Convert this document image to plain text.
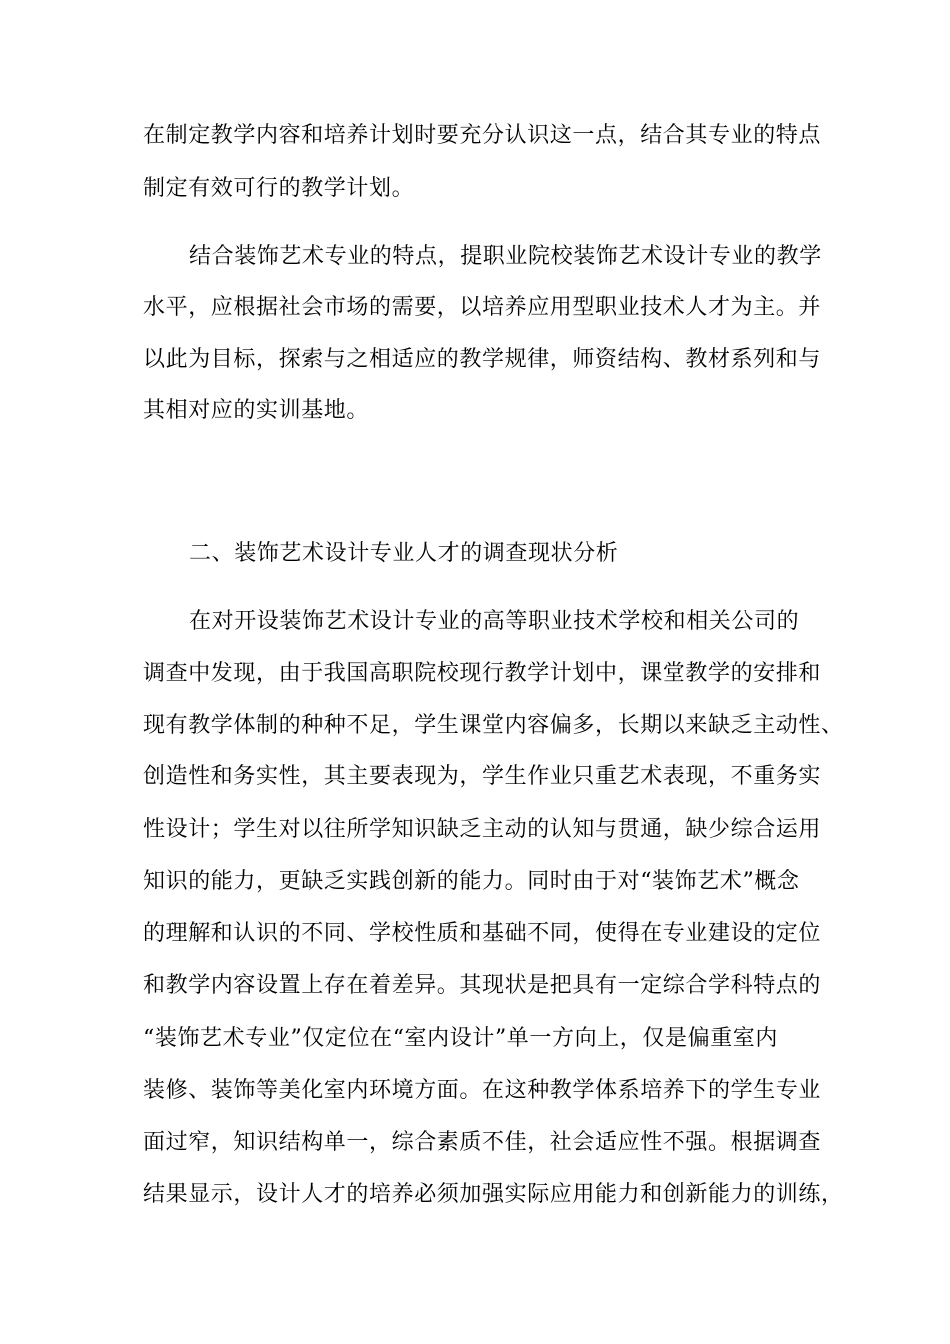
在制定教学内容和培养计划时要充分认识这一点，结合其专业的特点
制定有效可行的教学计划。
结合装饰艺术专业的特点，提职业院校装饰艺术设计专业的教学
水平，应根据社会市场的需要，以培养应用型职业技术人才为主。并
以此为目标，探索与之相适应的教学规律，师资结构、教材系列和与
其相对应的实训基地。
二、装饰艺术设计专业人才的调查现状分析
在对开设装饰艺术设计专业的高等职业技术学校和相关公司的
调查中发现，由于我国高职院校现行教学计划中，课堂教学的安排和
现有教学体制的种种不足，学生课堂内容偏多，长期以来缺乏主动性、
创造性和务实性，其主要表现为，学生作业只重艺术表现，不重务实
性设计；学生对以往所学知识缺乏主动的认知与贯通，缺少综合运用
知识的能力，更缺乏实践创新的能力。同时由于对“装饰艺术”概念
的理解和认识的不同、学校性质和基础不同，使得在专业建设的定位
和教学内容设置上存在着差异。其现状是把具有一定综合学科特点的
“装饰艺术专业”仅定位在“室内设计”单一方向上，仅是偏重室内
装修、装饰等美化室内环境方面。在这种教学体系培养下的学生专业
面过窄，知识结构单一，综合素质不佳，社会适应性不强。根据调查
结果显示，设计人才的培养必须加强实际应用能力和创新能力的训练，
